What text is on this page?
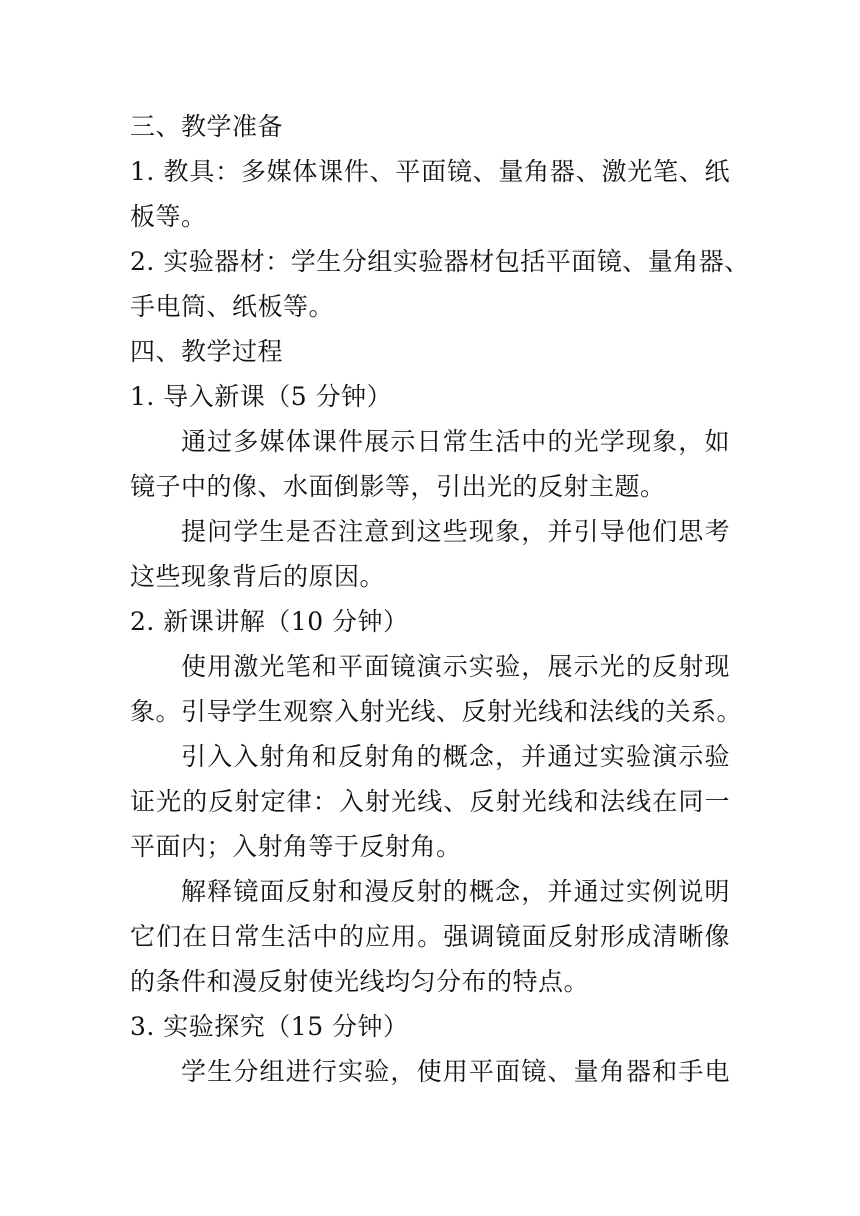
三、教学准备
1. 教具：多媒体课件、平面镜、量角器、激光笔、纸
板等。
2. 实验器材：学生分组实验器材包括平面镜、量角器、
手电筒、纸板等。
四、教学过程
1. 导入新课（5 分钟）
通过多媒体课件展示日常生活中的光学现象，如
镜子中的像、水面倒影等，引出光的反射主题。
提问学生是否注意到这些现象，并引导他们思考
这些现象背后的原因。
2. 新课讲解（10 分钟）
使用激光笔和平面镜演示实验，展示光的反射现
象。引导学生观察入射光线、反射光线和法线的关系。
引入入射角和反射角的概念，并通过实验演示验
证光的反射定律：入射光线、反射光线和法线在同一
平面内；入射角等于反射角。
解释镜面反射和漫反射的概念，并通过实例说明
它们在日常生活中的应用。强调镜面反射形成清晰像
的条件和漫反射使光线均匀分布的特点。
3. 实验探究（15 分钟）
学生分组进行实验，使用平面镜、量角器和手电
